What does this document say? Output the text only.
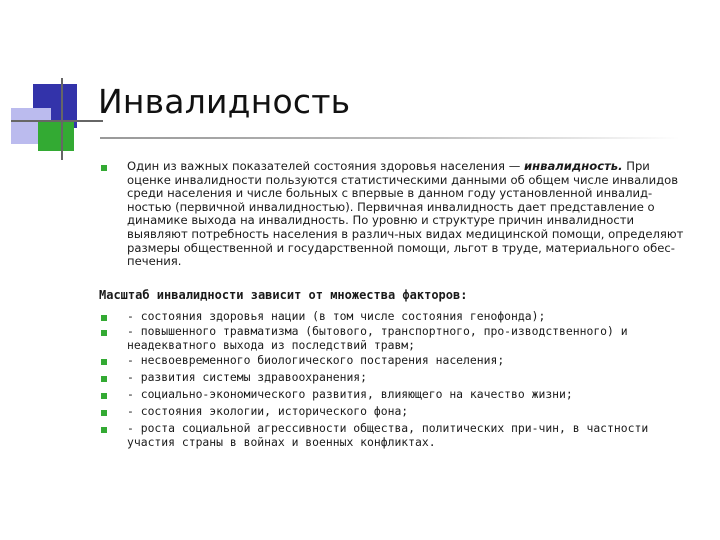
Инвалидность

Один из важных показателей состояния здоровья населения — инвалидность. При оценке инвалидности пользуются статистическими данными об общем числе инвалидов среди населения и числе больных с впервые в данном году установленной инвалид-ностью (первичной инвалидностью). Первичная инвалидность дает представление о динамике выхода на инвалидность. По уровню и структуре причин инвалидности выявляют потребность населения в различ-ных видах медицинской помощи, определяют размеры общественной и государственной помощи, льгот в труде, материального обес-печения.

Масштаб инвалидности зависит от множества факторов:

- состояния здоровья нации (в том числе состояния генофонда);

- повышенного травматизма (бытового, транспортного, про-изводственного) и неадекватного выхода из последствий травм;

- несвоевременного биологического постарения населения;

- развития системы здравоохранения;

- социально-экономического развития, влияющего на качество жизни;

- состояния экологии, исторического фона;

- роста социальной агрессивности общества, политических при-чин, в частности участия страны в войнах и военных конфликтах.
